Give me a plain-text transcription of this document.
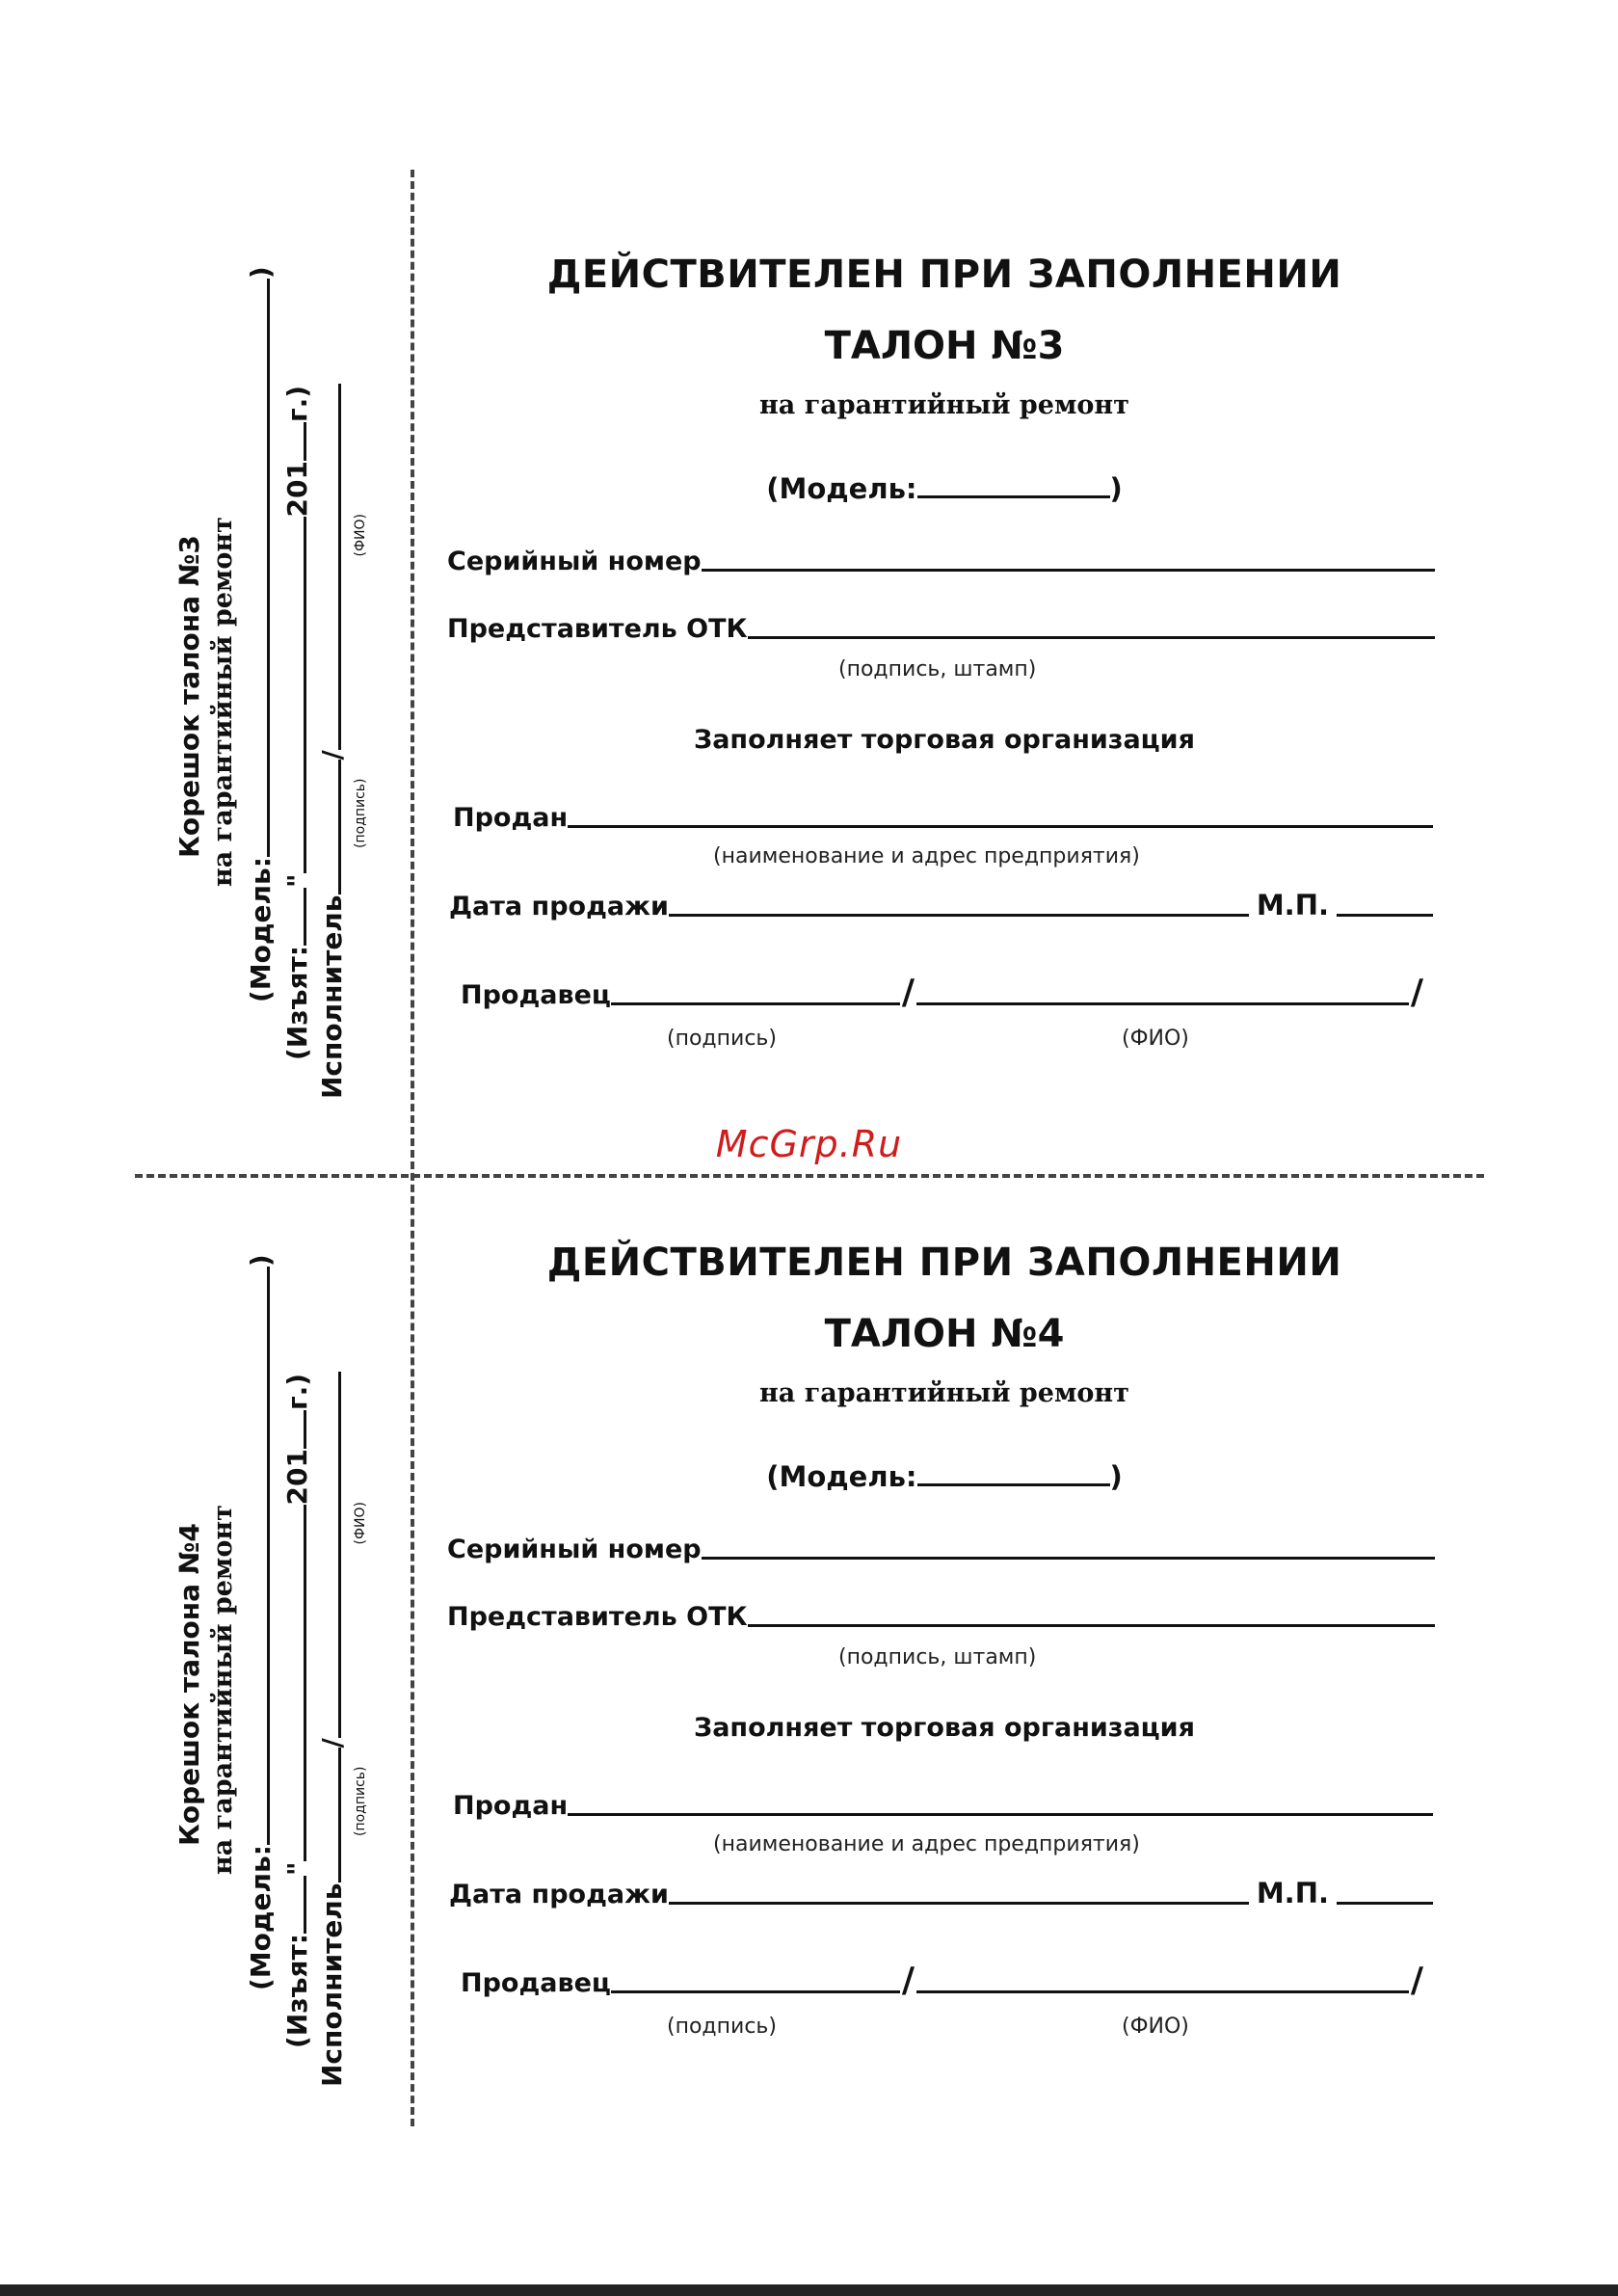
Корешок талона №3 на гарантийный ремонт
(Модель:)
(Изъят:"201г.)
Исполнитель/
(подпись)(ФИО)
ДЕЙСТВИТЕЛЕН ПРИ ЗАПОЛНЕНИИ
ТАЛОН №3
на гарантийный ремонт
(Модель:	)
Серийный номер
Представитель ОТК
(подпись, штамп)
Заполняет торговая организация
Продан
(наименование и адрес предприятия)
Дата продажи	М.П.
Продавец	/	/
(подпись)	(ФИО)
McGrp.Ru
Корешок талона №4 на гарантийный ремонт
(Модель:)
(Изъят:"201г.)
Исполнитель/
(подпись)(ФИО)
ДЕЙСТВИТЕЛЕН ПРИ ЗАПОЛНЕНИИ
ТАЛОН №4
на гарантийный ремонт
(Модель:	)
Серийный номер
Представитель ОТК
(подпись, штамп)
Заполняет торговая организация
Продан
(наименование и адрес предприятия)
Дата продажи	М.П.
Продавец	/	/
(подпись)	(ФИО)
